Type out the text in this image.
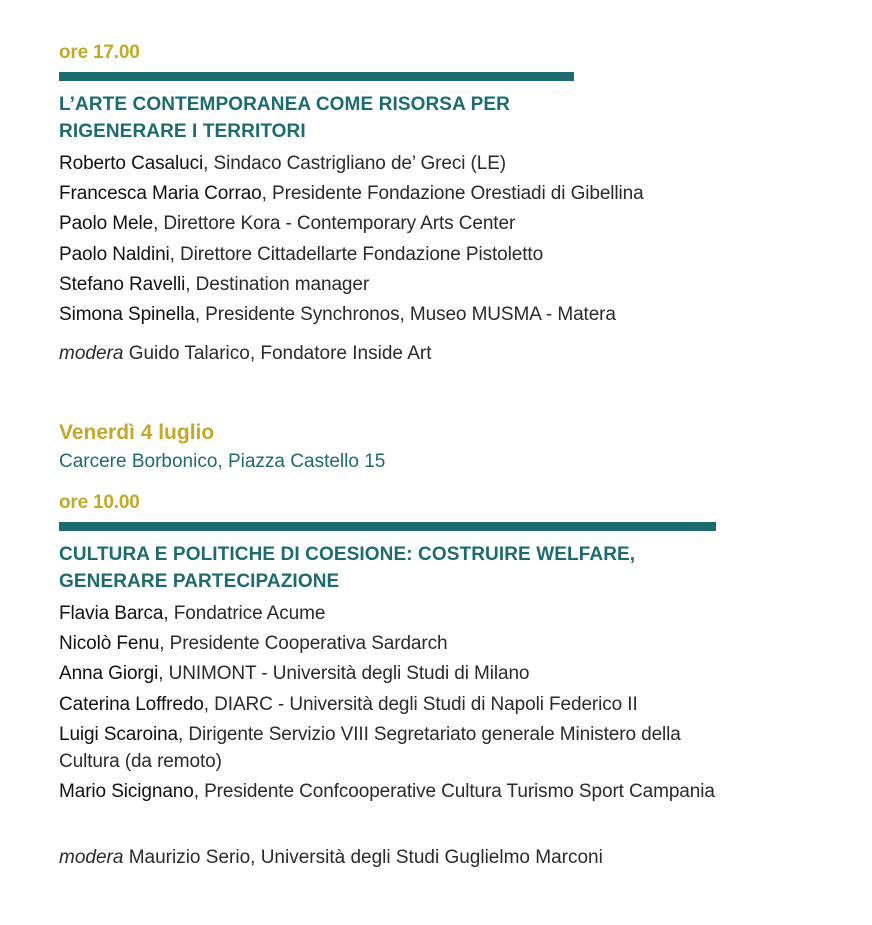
ore 17.00
L’ARTE CONTEMPORANEA COME RISORSA PER
RIGENERARE I TERRITORI
Roberto Casaluci, Sindaco Castrigliano de’ Greci (LE)
Francesca Maria Corrao, Presidente Fondazione Orestiadi di Gibellina
Paolo Mele, Direttore Kora - Contemporary Arts Center
Paolo Naldini, Direttore Cittadellarte Fondazione Pistoletto
Stefano Ravelli, Destination manager
Simona Spinella, Presidente Synchronos, Museo MUSMA - Matera
modera Guido Talarico, Fondatore Inside Art
Venerdì 4 luglio
Carcere Borbonico, Piazza Castello 15
ore 10.00
CULTURA E POLITICHE DI COESIONE: COSTRUIRE WELFARE,
GENERARE PARTECIPAZIONE
Flavia Barca, Fondatrice Acume
Nicolò Fenu, Presidente Cooperativa Sardarch
Anna Giorgi, UNIMONT - Università degli Studi di Milano
Caterina Loffredo, DIARC - Università degli Studi di Napoli Federico II
Luigi Scaroina, Dirigente Servizio VIII Segretariato generale Ministero della Cultura (da remoto)
Mario Sicignano, Presidente Confcooperative Cultura Turismo Sport Campania
modera Maurizio Serio, Università degli Studi Guglielmo Marconi
